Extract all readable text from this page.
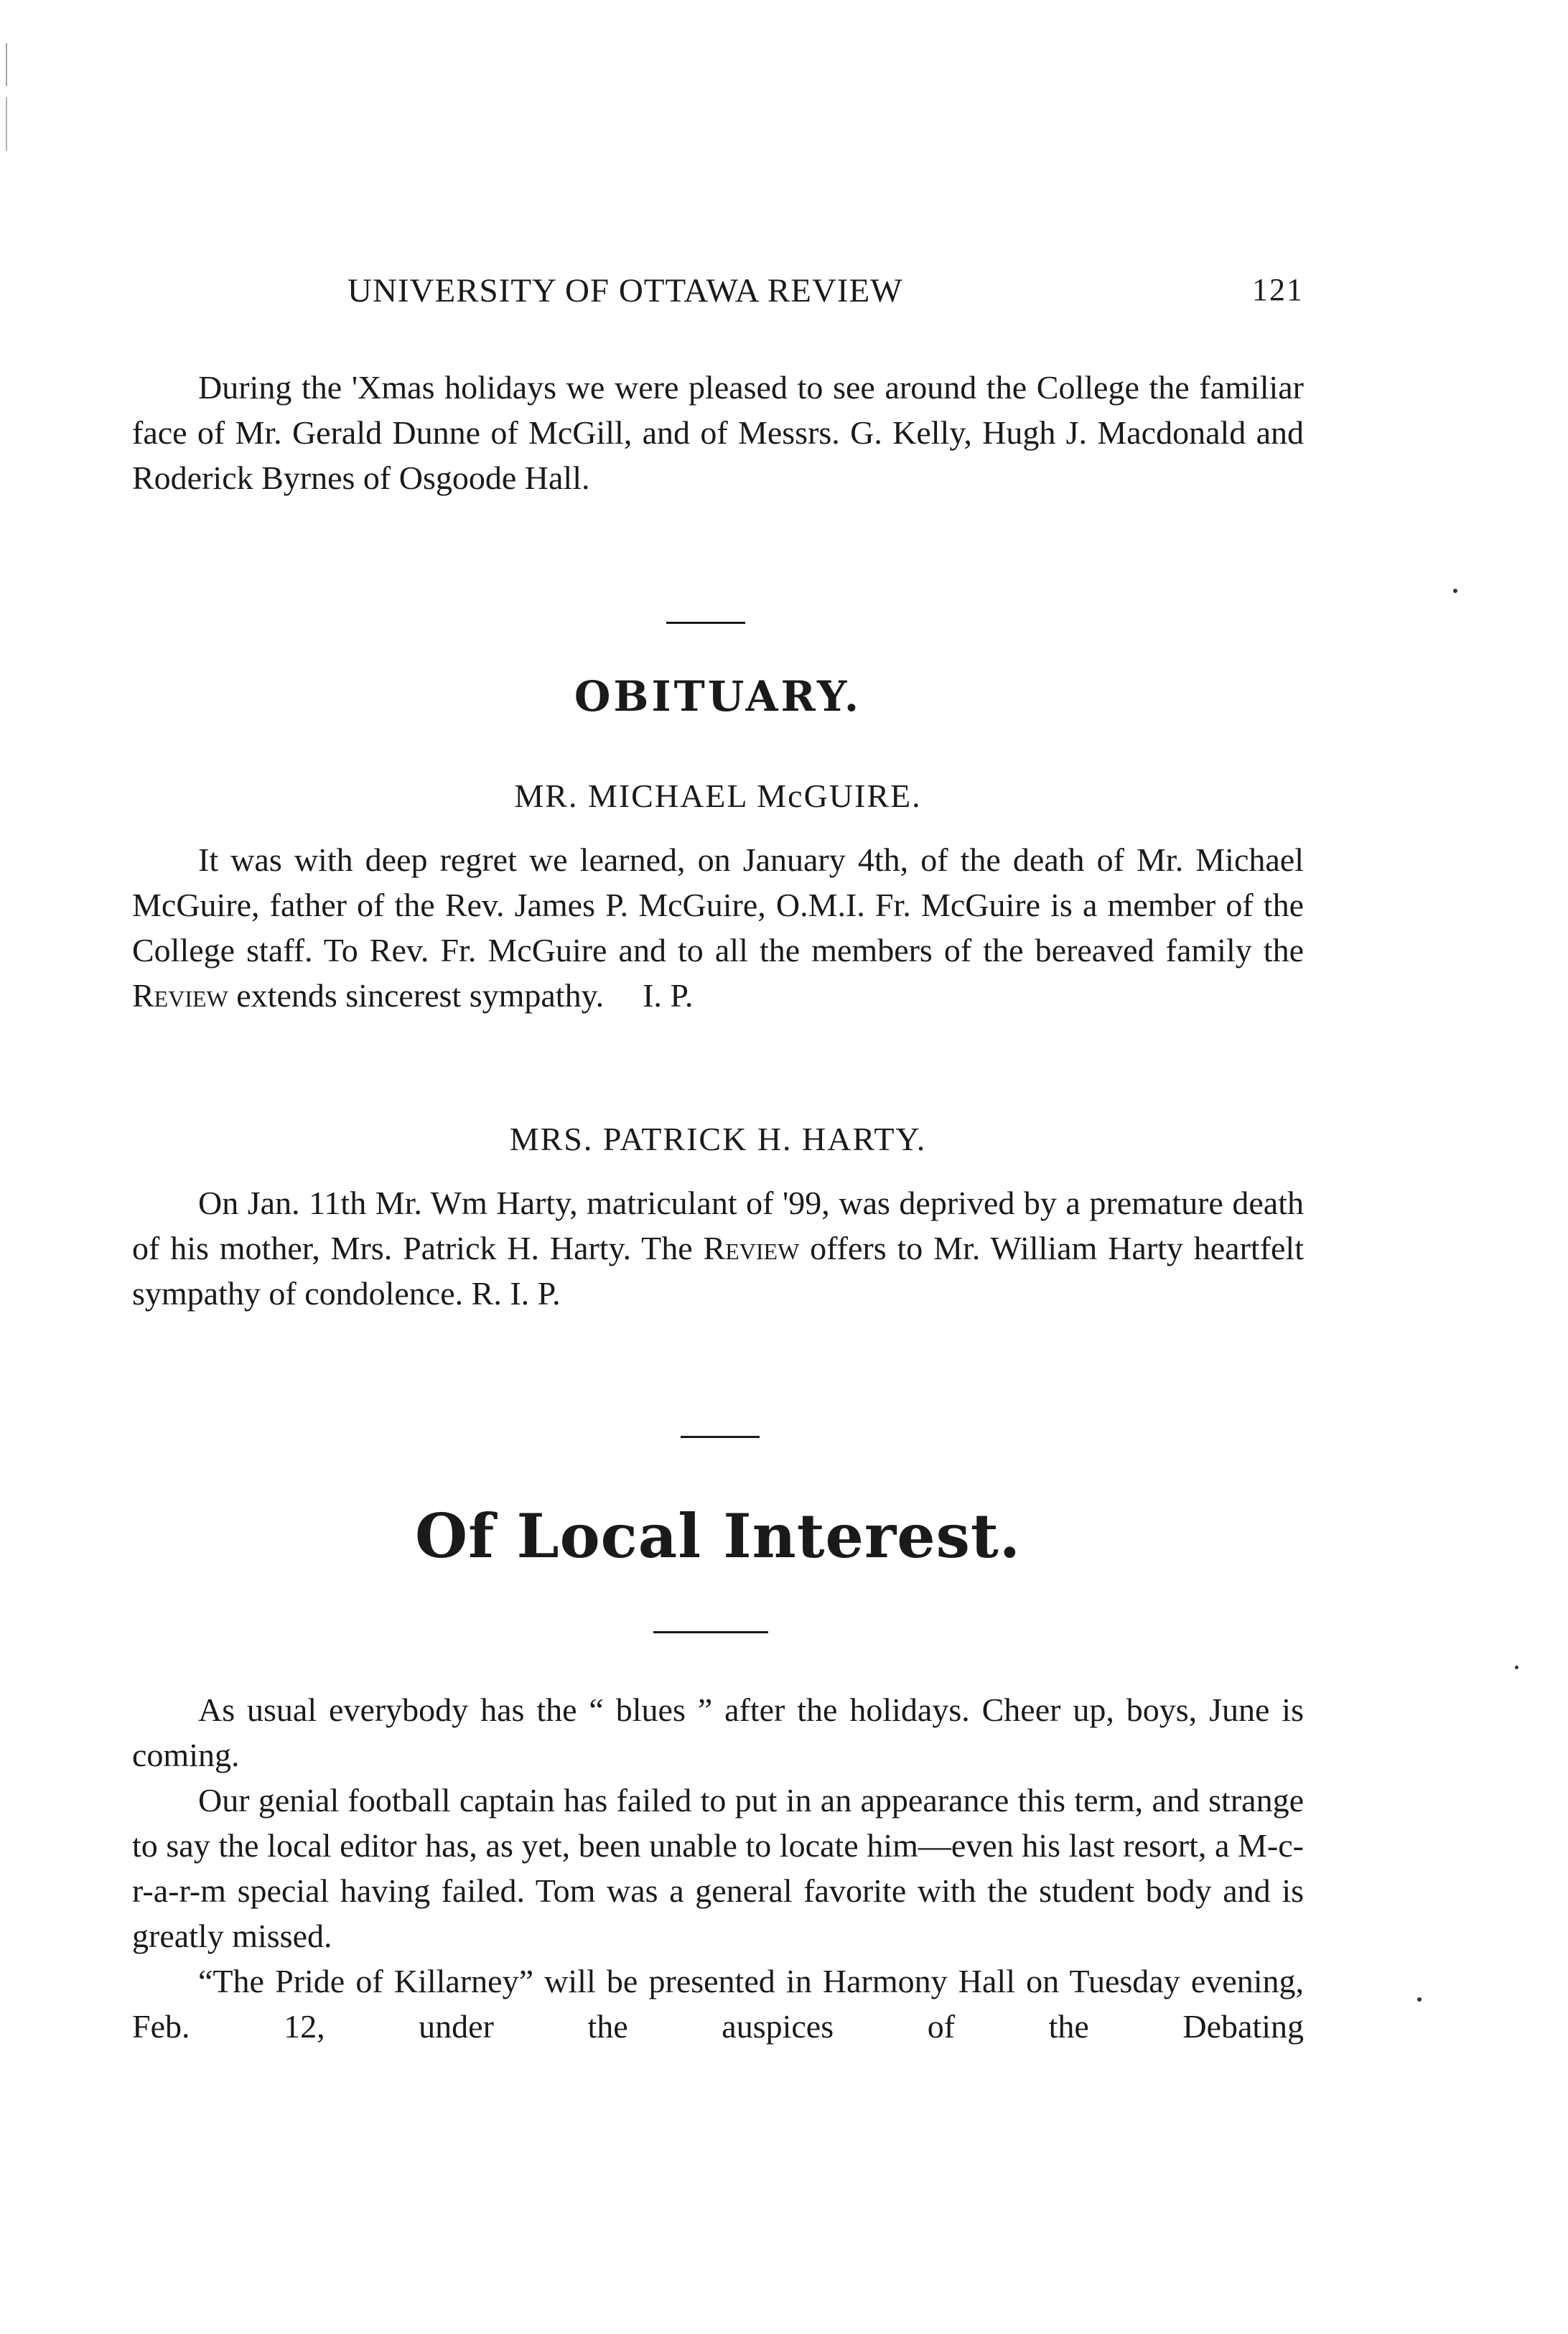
UNIVERSITY OF OTTAWA REVIEW	121

During the 'Xmas holidays we were pleased to see around the College the familiar face of Mr. Gerald Dunne of McGill, and of Messrs. G. Kelly, Hugh J. Macdonald and Roderick Byrnes of Osgoode Hall.

OBITUARY.
MR. MICHAEL McGUIRE.

It was with deep regret we learned, on January 4th, of the death of Mr. Michael McGuire, father of the Rev. James P. McGuire, O.M.I. Fr. McGuire is a member of the College staff. To Rev. Fr. McGuire and to all the members of the bereaved family the Review extends sincerest sympathy. I. P.

MRS. PATRICK H. HARTY.

On Jan. 11th Mr. Wm Harty, matriculant of '99, was deprived by a premature death of his mother, Mrs. Patrick H. Harty. The Review offers to Mr. William Harty heartfelt sympathy of condolence. R. I. P.

Of Local Interest.

As usual everybody has the “ blues ” after the holidays. Cheer up, boys, June is coming.

Our genial football captain has failed to put in an appearance this term, and strange to say the local editor has, as yet, been unable to locate him—even his last resort, a M-c-r-a-r-m special having failed. Tom was a general favorite with the student body and is greatly missed.

“The Pride of Killarney” will be presented in Harmony Hall on Tuesday evening, Feb. 12, under the auspices of the Debating
